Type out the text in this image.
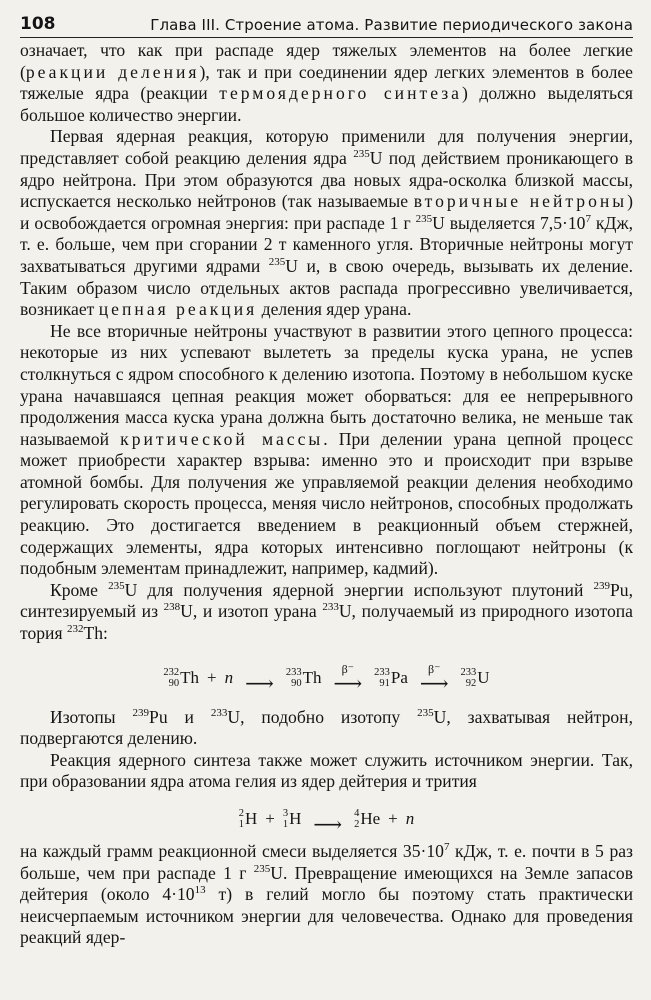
108	Глава III. Строение атома. Развитие периодического закона

означает, что как при распаде ядер тяжелых элементов на более легкие (реакции деления), так и при соединении ядер легких элементов в более тяжелые ядра (реакции термоядерного синтеза) должно выделяться большое количество энергии.

Первая ядерная реакция, которую применили для получения энергии, представляет собой реакцию деления ядра $^{235}$U под действием проникающего в ядро нейтрона. При этом образуются два новых ядра-осколка близкой массы, испускается несколько нейтронов (так называемые вторичные нейтроны) и освобождается огромная энергия: при распаде 1 г $^{235}$U выделяется $7,5\cdot 10^7$ кДж, т. е. больше, чем при сгорании 2 т каменного угля. Вторичные нейтроны могут захватываться другими ядрами $^{235}$U и, в свою очередь, вызывать их деление. Таким образом число отдельных актов распада прогрессивно увеличивается, возникает цепная реакция деления ядер урана.

Не все вторичные нейтроны участвуют в развитии этого цепного процесса: некоторые из них успевают вылететь за пределы куска урана, не успев столкнуться с ядром способного к делению изотопа. Поэтому в небольшом куске урана начавшаяся цепная реакция может оборваться: для ее непрерывного продолжения масса куска урана должна быть достаточно велика, не меньше так называемой критической массы. При делении урана цепной процесс может приобрести характер взрыва: именно это и происходит при взрыве атомной бомбы. Для получения же управляемой реакции деления необходимо регулировать скорость процесса, меняя число нейтронов, способных продолжать реакцию. Это достигается введением в реакционный объем стержней, содержащих элементы, ядра которых интенсивно поглощают нейтроны (к подобным элементам принадлежит, например, кадмий).

Кроме $^{235}$U для получения ядерной энергии используют плутоний $^{239}$Pu, синтезируемый из $^{238}$U, и изотоп урана $^{233}$U, получаемый из природного изотопа тория $^{232}$Th:

232
90 Th + n ⟶
233
90 Th β⁻
⟶
233
91 Pa β⁻
⟶
233
92 U

Изотопы $^{239}$Pu и $^{233}$U, подобно изотопу $^{235}$U, захватывая нейтрон, подвергаются делению.

Реакция ядерного синтеза также может служить источником энергии. Так, при образовании ядра атома гелия из ядер дейтерия и трития

2
1 H + 3
1 H ⟶
4
2 He + n

на каждый грамм реакционной смеси выделяется $35\cdot 10^7$ кДж, т. е. почти в 5 раз больше, чем при распаде 1 г $^{235}$U. Превращение имеющихся на Земле запасов дейтерия (около $4\cdot 10^{13}$ т) в гелий могло бы поэтому стать практически неисчерпаемым источником энергии для человечества. Однако для проведения реакций ядер-
